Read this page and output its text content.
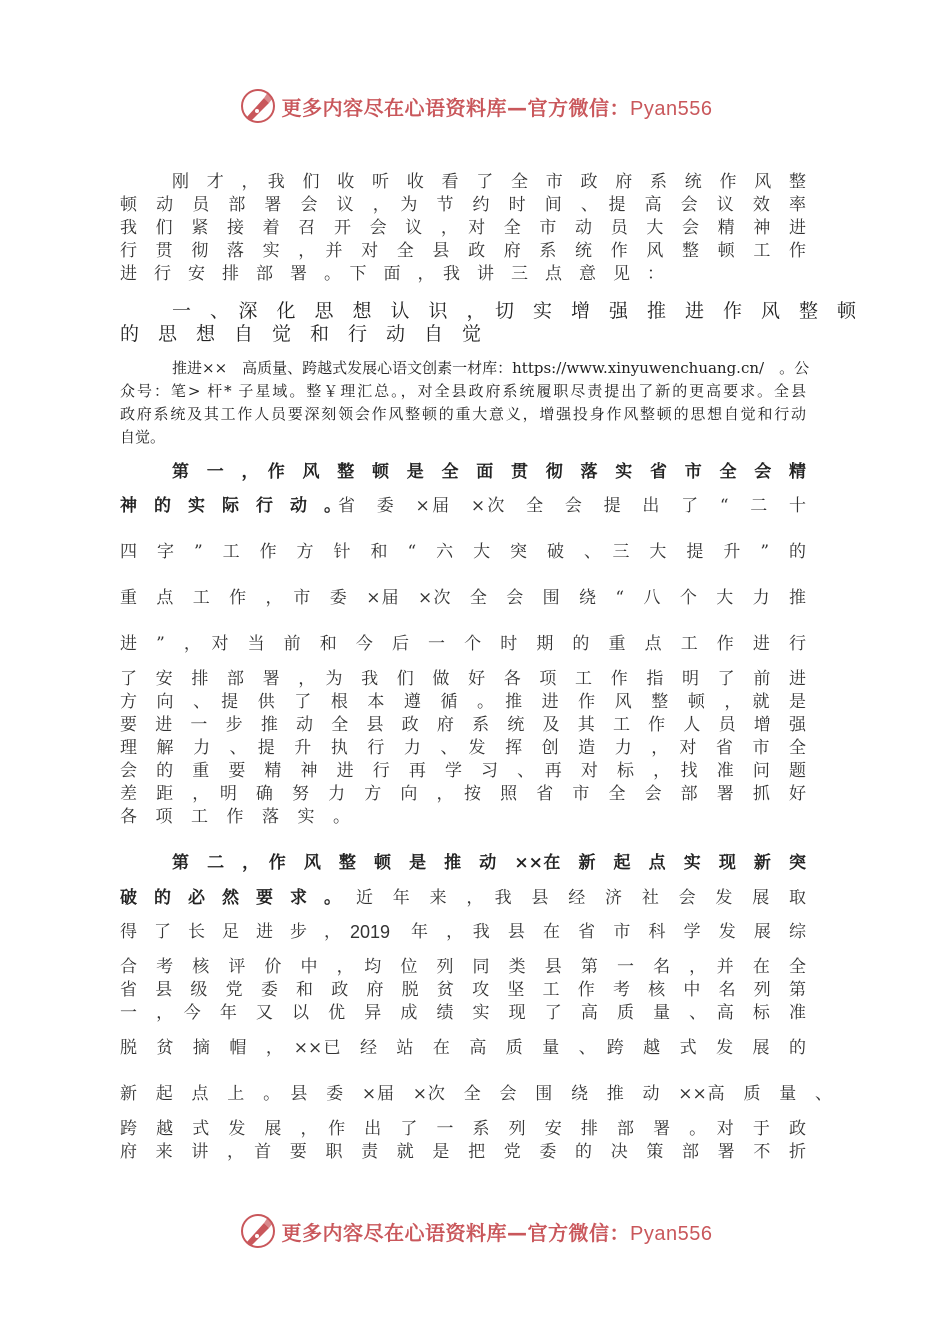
更多内容尽在心语资料库—官方微信：Pyan556
刚　才　，　我　们　收　听　收　看　了　全　市　政　府　系　统　作　风　整
顿　动　员　部　署　会　议　，　为　节　约　时　间　、　提　高　会　议　效　率
我　们　紧　接　着　召　开　会　议　，　对　全　市　动　员　大　会　精　神　进
行　贯　彻　落　实　，　并　对　全　县　政　府　系　统　作　风　整　顿　工　作
进　行　安　排　部　署　。　下　面　，　我　讲　三　点　意　见　：
一　、　深　化　思　想　认　识　，　切　实　增　强　推　进　作　风　整　顿
的　思　想　自　觉　和　行　动　自　觉
推进××　高质量、跨越式发展心语文创素一材库：https://www.xinyuwenchuang.cn/　。公
众号：笔> 杆* 子星域。整￥理汇总。，对全县政府系统履职尽责提出了新的更高要求。全县
政府系统及其工作人员要深刻领会作风整顿的重大意义，增强投身作风整顿的思想自觉和行动
自觉。
第　一　，　作　风　整　顿　是　全　面　贯　彻　落　实　省　市　全　会　精
神　的　实　际　行　动　。
省　委　×届　×次　全　会　提　出　了　“　二　十
四　字　”　工　作　方　针　和　“　六　大　突　破　、　三　大　提　升　”　的
重　点　工　作　，　市　委　×届　×次　全　会　围　绕　“　八　个　大　力　推
进　”　，　对　当　前　和　今　后　一　个　时　期　的　重　点　工　作　进　行
了　安　排　部　署　，　为　我　们　做　好　各　项　工　作　指　明　了　前　进
方　向　、　提　供　了　根　本　遵　循　。　推　进　作　风　整　顿　，　就　是
要　进　一　步　推　动　全　县　政　府　系　统　及　其　工　作　人　员　增　强
理　解　力　、　提　升　执　行　力　、　发　挥　创　造　力　，　对　省　市　全
会　的　重　要　精　神　进　行　再　学　习　、　再　对　标　，　找　准　问　题
差　距　，　明　确　努　力　方　向　，　按　照　省　市　全　会　部　署　抓　好
各　项　工　作　落　实　。
第　二　，　作　风　整　顿　是　推　动　××在　新　起　点　实　现　新　突
破　的　必　然　要　求　。 近　年　来　，　我　县　经　济　社　会　发　展　取
得　了　长　足　进　步　， 2019	年　，　我　县　在　省　市　科　学　发　展　综
合　考　核　评　价　中　，　均　位　列　同　类　县　第　一　名　，　并　在　全
省　县　级　党　委　和　政　府　脱　贫　攻　坚　工　作　考　核　中　名　列　第
一　，　今　年　又　以　优　异　成　绩　实　现　了　高　质　量　、　高　标　准
脱　贫　摘　帽　，　××已　经　站　在　高　质　量　、　跨　越　式　发　展　的
新　起　点　上　。　县　委　×届　×次　全　会　围　绕　推　动　××高　质　量　、
跨　越　式　发　展　，　作　出　了　一　系　列　安　排　部　署　。　对　于　政
府　来　讲　，　首　要　职　责　就　是　把　党　委　的　决　策　部　署　不　折
更多内容尽在心语资料库—官方微信：Pyan556
